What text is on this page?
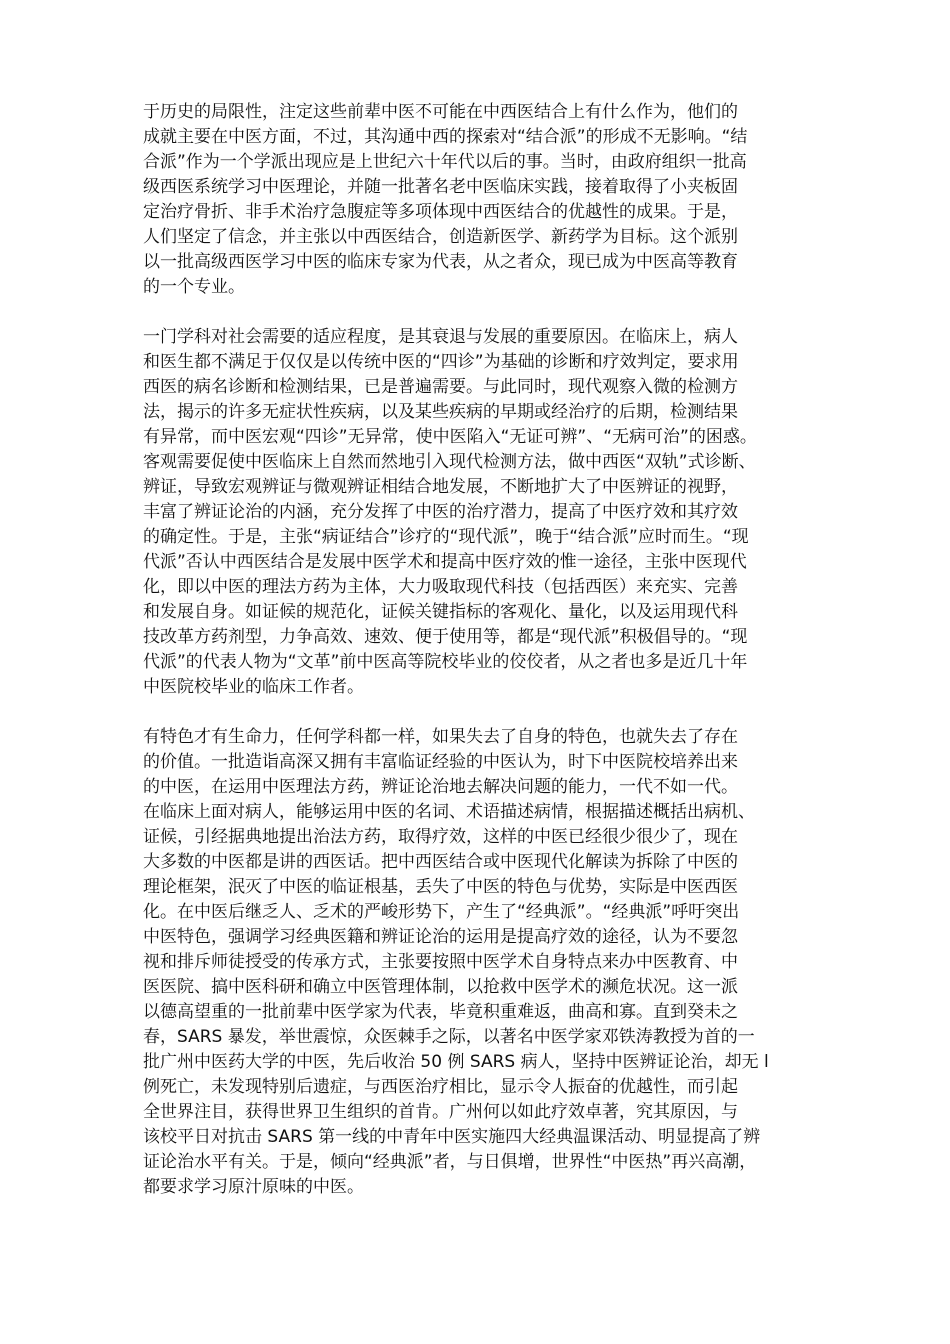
于历史的局限性，注定这些前辈中医不可能在中西医结合上有什么作为，他们的
成就主要在中医方面，不过，其沟通中西的探索对“结合派”的形成不无影响。“结
合派”作为一个学派出现应是上世纪六十年代以后的事。当时，由政府组织一批高
级西医系统学习中医理论，并随一批著名老中医临床实践，接着取得了小夹板固
定治疗骨折、非手术治疗急腹症等多项体现中西医结合的优越性的成果。于是，
人们坚定了信念，并主张以中西医结合，创造新医学、新药学为目标。这个派别
以一批高级西医学习中医的临床专家为代表，从之者众，现已成为中医高等教育
的一个专业。

一门学科对社会需要的适应程度，是其衰退与发展的重要原因。在临床上，病人
和医生都不满足于仅仅是以传统中医的“四诊”为基础的诊断和疗效判定，要求用
西医的病名诊断和检测结果，已是普遍需要。与此同时，现代观察入微的检测方
法，揭示的许多无症状性疾病，以及某些疾病的早期或经治疗的后期，检测结果
有异常，而中医宏观“四诊”无异常，使中医陷入“无证可辨”、“无病可治”的困惑。
客观需要促使中医临床上自然而然地引入现代检测方法，做中西医“双轨”式诊断、
辨证，导致宏观辨证与微观辨证相结合地发展，不断地扩大了中医辨证的视野，
丰富了辨证论治的内涵，充分发挥了中医的治疗潜力，提高了中医疗效和其疗效
的确定性。于是，主张“病证结合”诊疗的“现代派”，晚于“结合派”应时而生。“现
代派”否认中西医结合是发展中医学术和提高中医疗效的惟一途径，主张中医现代
化，即以中医的理法方药为主体，大力吸取现代科技（包括西医）来充实、完善
和发展自身。如证候的规范化，证候关键指标的客观化、量化，以及运用现代科
技改革方药剂型，力争高效、速效、便于使用等，都是“现代派”积极倡导的。“现
代派”的代表人物为“文革”前中医高等院校毕业的佼佼者，从之者也多是近几十年
中医院校毕业的临床工作者。

有特色才有生命力，任何学科都一样，如果失去了自身的特色，也就失去了存在
的价值。一批造诣高深又拥有丰富临证经验的中医认为，时下中医院校培养出来
的中医，在运用中医理法方药，辨证论治地去解决问题的能力，一代不如一代。
在临床上面对病人，能够运用中医的名词、术语描述病情，根据描述概括出病机、
证候，引经据典地提出治法方药，取得疗效，这样的中医已经很少很少了，现在
大多数的中医都是讲的西医话。把中西医结合或中医现代化解读为拆除了中医的
理论框架，泯灭了中医的临证根基，丢失了中医的特色与优势，实际是中医西医
化。在中医后继乏人、乏术的严峻形势下，产生了“经典派”。“经典派”呼吁突出
中医特色，强调学习经典医籍和辨证论治的运用是提高疗效的途径，认为不要忽
视和排斥师徒授受的传承方式，主张要按照中医学术自身特点来办中医教育、中
医医院、搞中医科研和确立中医管理体制，以抢救中医学术的濒危状况。这一派
以德高望重的一批前辈中医学家为代表，毕竟积重难返，曲高和寡。直到癸未之
春，SARS 暴发，举世震惊，众医棘手之际，以著名中医学家邓铁涛教授为首的一
批广州中医药大学的中医，先后收治 50 例 SARS 病人，坚持中医辨证论治，却无 l
例死亡，未发现特别后遗症，与西医治疗相比，显示令人振奋的优越性，而引起
全世界注目，获得世界卫生组织的首肯。广州何以如此疗效卓著，究其原因，与
该校平日对抗击 SARS 第一线的中青年中医实施四大经典温课活动、明显提高了辨
证论治水平有关。于是，倾向“经典派”者，与日俱增，世界性“中医热”再兴高潮，
都要求学习原汁原味的中医。
